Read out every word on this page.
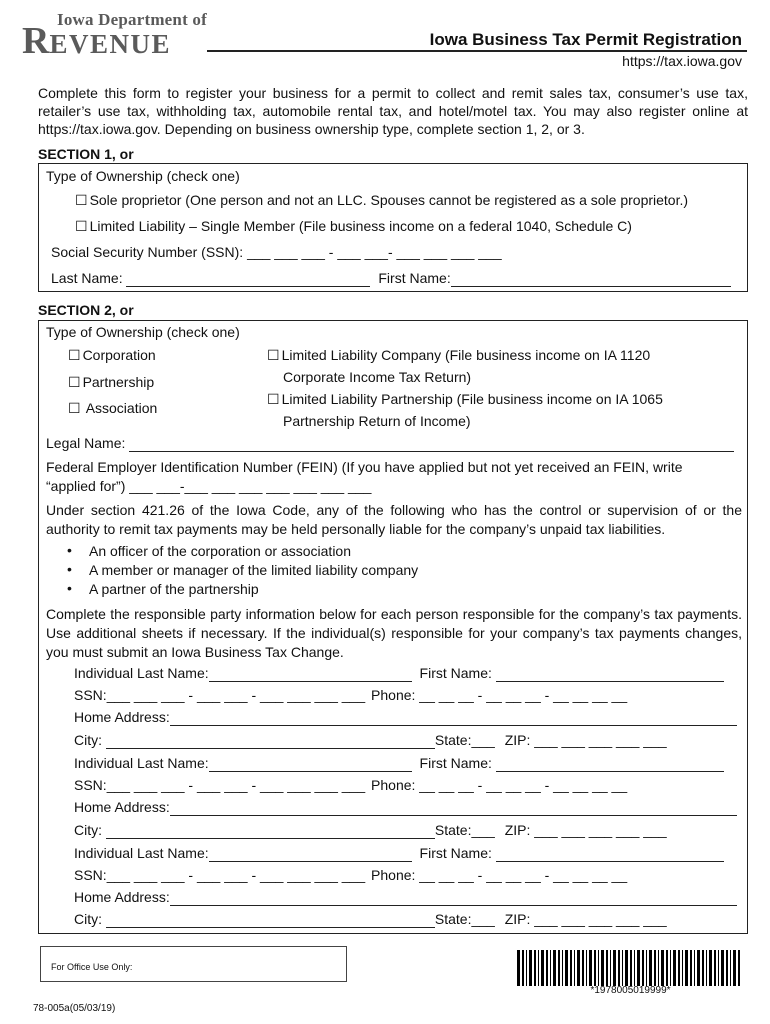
Iowa Department of
REVENUE	Iowa Business Tax Permit Registration
https://tax.iowa.gov
Complete this form to register your business for a permit to collect and remit sales tax, consumer’s use tax, retailer’s use tax, withholding tax, automobile rental tax, and hotel/motel tax. You may also register online at https://tax.iowa.gov. Depending on business ownership type, complete section 1, 2, or 3.
SECTION 1, or
Type of Ownership (check one)
☐ Sole proprietor (One person and not an LLC. Spouses cannot be registered as a sole proprietor.)
☐ Limited Liability – Single Member (File business income on a federal 1040, Schedule C)
Social Security Number (SSN): ___ ___ ___ - ___ ___- ___ ___ ___ ___
Last Name:	First Name:
SECTION 2, or
Type of Ownership (check one)
☐ Corporation
☐ Partnership
☐ Association
☐ Limited Liability Company (File business income on IA 1120
Corporate Income Tax Return)
☐ Limited Liability Partnership (File business income on IA 1065
Partnership Return of Income)
Legal Name:
Federal Employer Identification Number (FEIN) (If you have applied but not yet received an FEIN, write
“applied for”) ___ ___-___ ___ ___ ___ ___ ___ ___
Under section 421.26 of the Iowa Code, any of the following who has the control or supervision of or the authority to remit tax payments may be held personally liable for the company’s unpaid tax liabilities.
• An officer of the corporation or association
• A member or manager of the limited liability company
• A partner of the partnership
Complete the responsible party information below for each person responsible for the company’s tax payments. Use additional sheets if necessary. If the individual(s) responsible for your company’s tax payments changes, you must submit an Iowa Business Tax Change.
Individual Last Name:	First Name:
SSN:___ ___ ___ - ___ ___ - ___ ___ ___ ___ Phone: __ __ __ - __ __ __ - __ __ __ __
Home Address:
City:	State:___ ZIP: ___ ___ ___ ___ ___
Individual Last Name:	First Name:
SSN:___ ___ ___ - ___ ___ - ___ ___ ___ ___ Phone: __ __ __ - __ __ __ - __ __ __ __
Home Address:
City:	State:___ ZIP: ___ ___ ___ ___ ___
Individual Last Name:	First Name:
SSN:___ ___ ___ - ___ ___ - ___ ___ ___ ___ Phone: __ __ __ - __ __ __ - __ __ __ __
Home Address:
City:	State:___ ZIP: ___ ___ ___ ___ ___
For Office Use Only:
*1978005019999*
78-005a(05/03/19)
